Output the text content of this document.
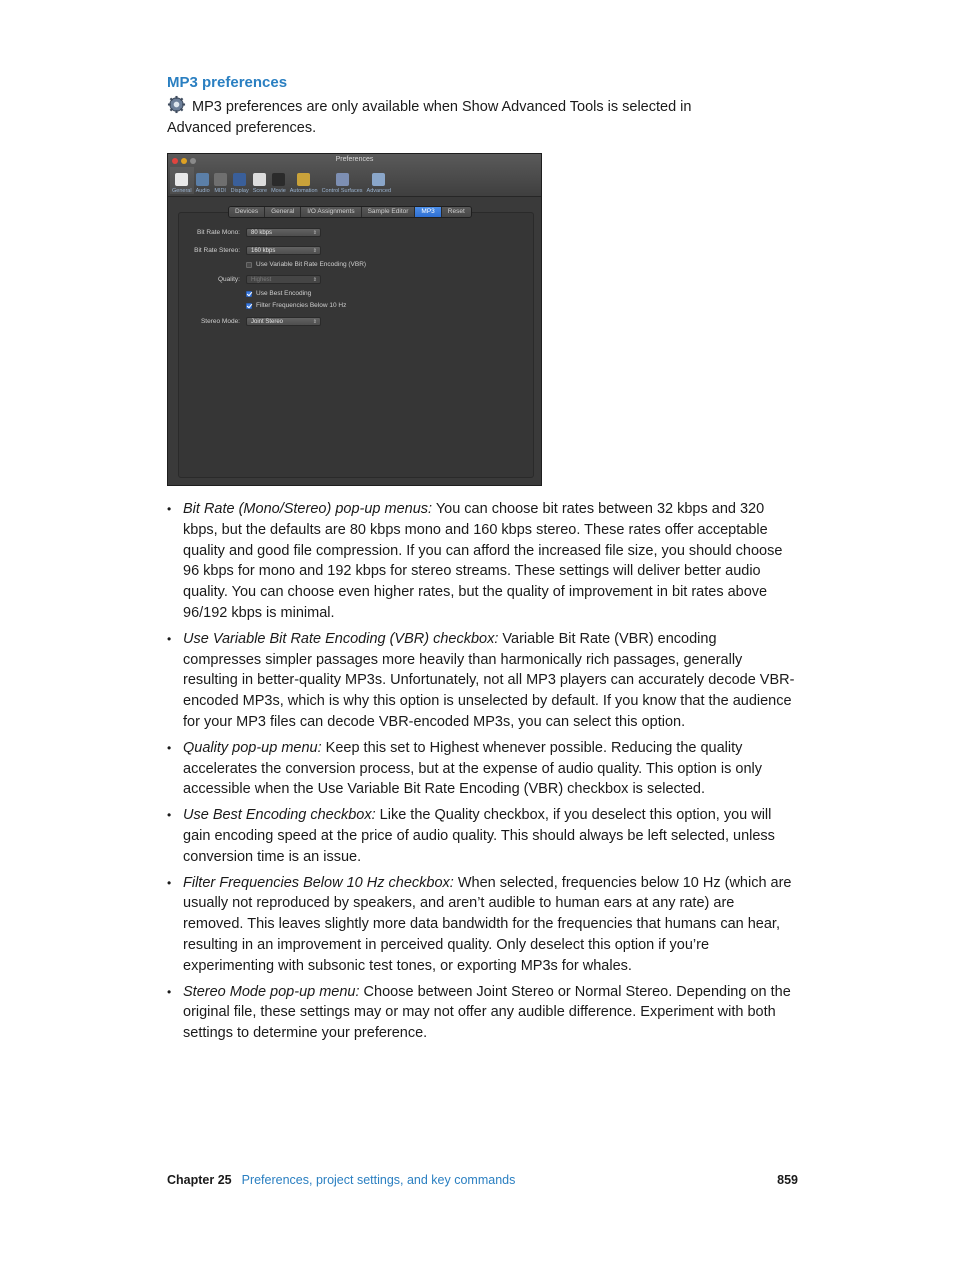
MP3 preferences
MP3 preferences are only available when Show Advanced Tools is selected in Advanced preferences.
Preferences
General Audio MIDI Display Score Movie Automation Control Surfaces Advanced
Devices	General	I/O Assignments	Sample Editor	MP3	Reset
Bit Rate Mono:	80 kbps	⇕
Bit Rate Stereo:	160 kbps	⇕
Use Variable Bit Rate Encoding (VBR)
Quality:	Highest	⇕
Use Best Encoding
Filter Frequencies Below 10 Hz
Stereo Mode:	Joint Stereo	⇕
• Bit Rate (Mono/Stereo) pop-up menus: You can choose bit rates between 32 kbps and 320 kbps, but the defaults are 80 kbps mono and 160 kbps stereo. These rates offer acceptable quality and good file compression. If you can afford the increased file size, you should choose 96 kbps for mono and 192 kbps for stereo streams. These settings will deliver better audio quality. You can choose even higher rates, but the quality of improvement in bit rates above 96/192 kbps is minimal.
• Use Variable Bit Rate Encoding (VBR) checkbox: Variable Bit Rate (VBR) encoding compresses simpler passages more heavily than harmonically rich passages, generally resulting in better-quality MP3s. Unfortunately, not all MP3 players can accurately decode VBR-encoded MP3s, which is why this option is unselected by default. If you know that the audience for your MP3 files can decode VBR-encoded MP3s, you can select this option.
• Quality pop-up menu: Keep this set to Highest whenever possible. Reducing the quality accelerates the conversion process, but at the expense of audio quality. This option is only accessible when the Use Variable Bit Rate Encoding (VBR) checkbox is selected.
• Use Best Encoding checkbox: Like the Quality checkbox, if you deselect this option, you will gain encoding speed at the price of audio quality. This should always be left selected, unless conversion time is an issue.
• Filter Frequencies Below 10 Hz checkbox: When selected, frequencies below 10 Hz (which are usually not reproduced by speakers, and aren’t audible to human ears at any rate) are removed. This leaves slightly more data bandwidth for the frequencies that humans can hear, resulting in an improvement in perceived quality. Only deselect this option if you’re experimenting with subsonic test tones, or exporting MP3s for whales.
• Stereo Mode pop-up menu: Choose between Joint Stereo or Normal Stereo. Depending on the original file, these settings may or may not offer any audible difference. Experiment with both settings to determine your preference.
Chapter 25 Preferences, project settings, and key commands	859
